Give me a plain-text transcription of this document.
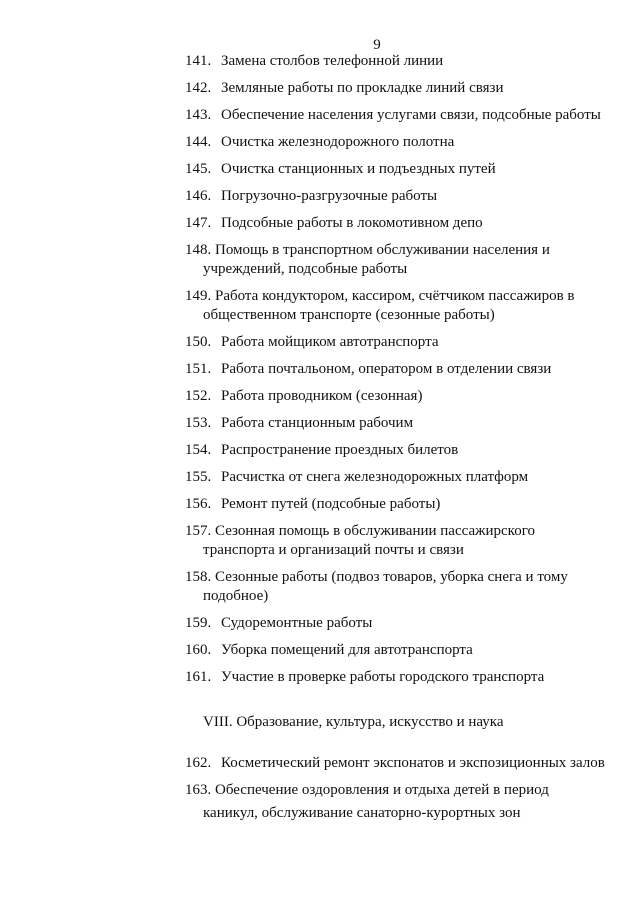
9
141. Замена столбов телефонной линии
142. Земляные работы по прокладке линий связи
143. Обеспечение населения услугами связи, подсобные работы
144. Очистка железнодорожного полотна
145. Очистка станционных и подъездных путей
146. Погрузочно-разгрузочные работы
147. Подсобные работы в локомотивном депо
148. Помощь в транспортном обслуживании населения и
учреждений, подсобные работы
149. Работа кондуктором, кассиром, счётчиком пассажиров в
общественном транспорте (сезонные работы)
150. Работа мойщиком автотранспорта
151. Работа почтальоном, оператором в отделении связи
152. Работа проводником (сезонная)
153. Работа станционным рабочим
154. Распространение проездных билетов
155. Расчистка от снега железнодорожных платформ
156. Ремонт путей (подсобные работы)
157. Сезонная помощь в обслуживании пассажирского
транспорта и организаций почты и связи
158. Сезонные работы (подвоз товаров, уборка снега и тому
подобное)
159. Судоремонтные работы
160. Уборка помещений для автотранспорта
161. Участие в проверке работы городского транспорта
VIII. Образование, культура, искусство и наука
162. Косметический ремонт экспонатов и экспозиционных залов
163. Обеспечение оздоровления и отдыха детей в период
каникул, обслуживание санаторно-курортных зон
